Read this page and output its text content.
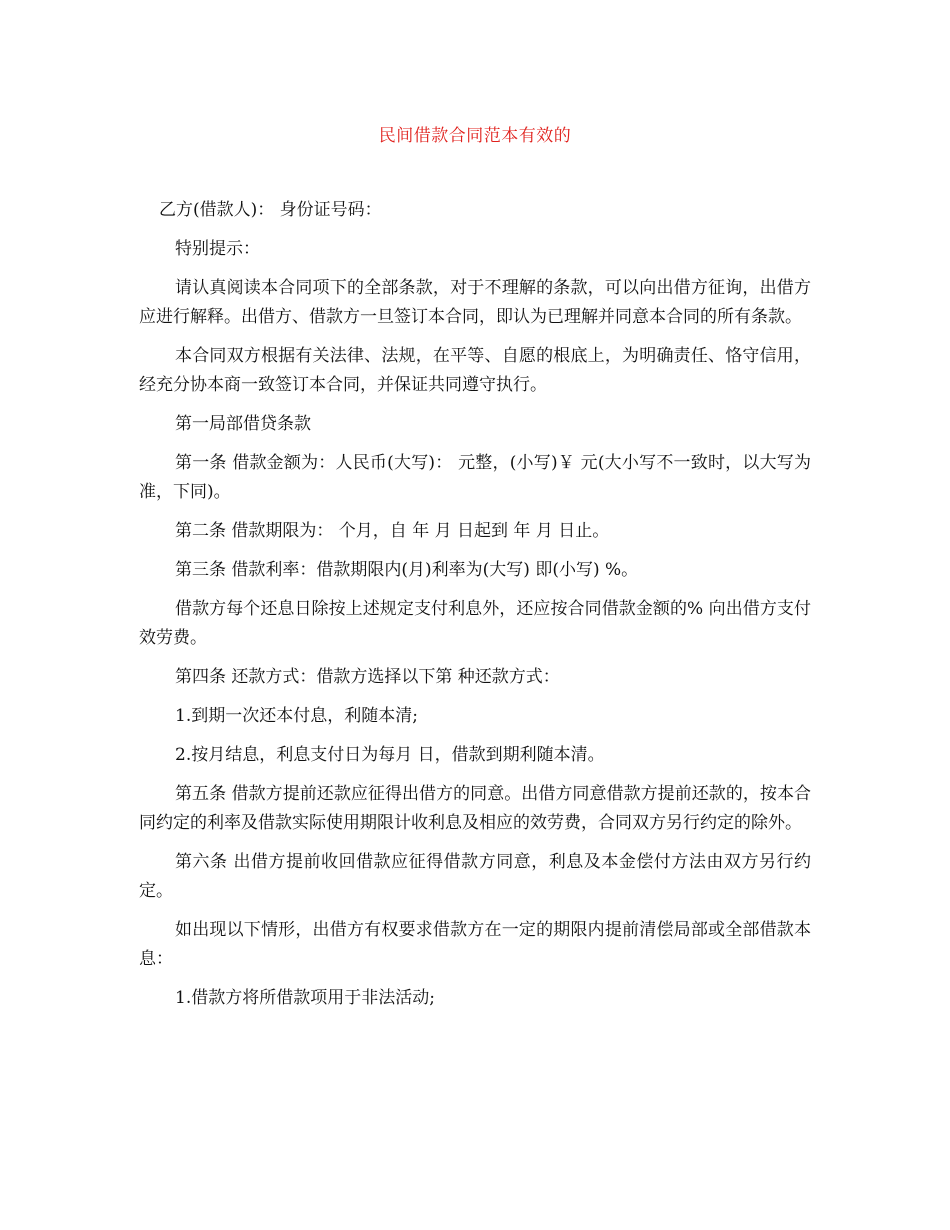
民间借款合同范本有效的

乙方(借款人)： 身份证号码：

特别提示：

请认真阅读本合同项下的全部条款，对于不理解的条款，可以向出借方征询，出借方应进行解释。出借方、借款方一旦签订本合同，即认为已理解并同意本合同的所有条款。

本合同双方根据有关法律、法规，在平等、自愿的根底上，为明确责任、恪守信用，经充分协本商一致签订本合同，并保证共同遵守执行。

第一局部借贷条款

第一条 借款金额为：人民币(大写)： 元整，(小写)￥ 元(大小写不一致时，以大写为准，下同)。

第二条 借款期限为： 个月，自 年 月 日起到 年 月 日止。

第三条 借款利率：借款期限内(月)利率为(大写) 即(小写) %。

借款方每个还息日除按上述规定支付利息外，还应按合同借款金额的% 向出借方支付效劳费。

第四条 还款方式：借款方选择以下第 种还款方式：

1.到期一次还本付息，利随本清;

2.按月结息，利息支付日为每月 日，借款到期利随本清。

第五条 借款方提前还款应征得出借方的同意。出借方同意借款方提前还款的，按本合同约定的利率及借款实际使用期限计收利息及相应的效劳费，合同双方另行约定的除外。

第六条 出借方提前收回借款应征得借款方同意，利息及本金偿付方法由双方另行约定。

如出现以下情形，出借方有权要求借款方在一定的期限内提前清偿局部或全部借款本息：

1.借款方将所借款项用于非法活动;
